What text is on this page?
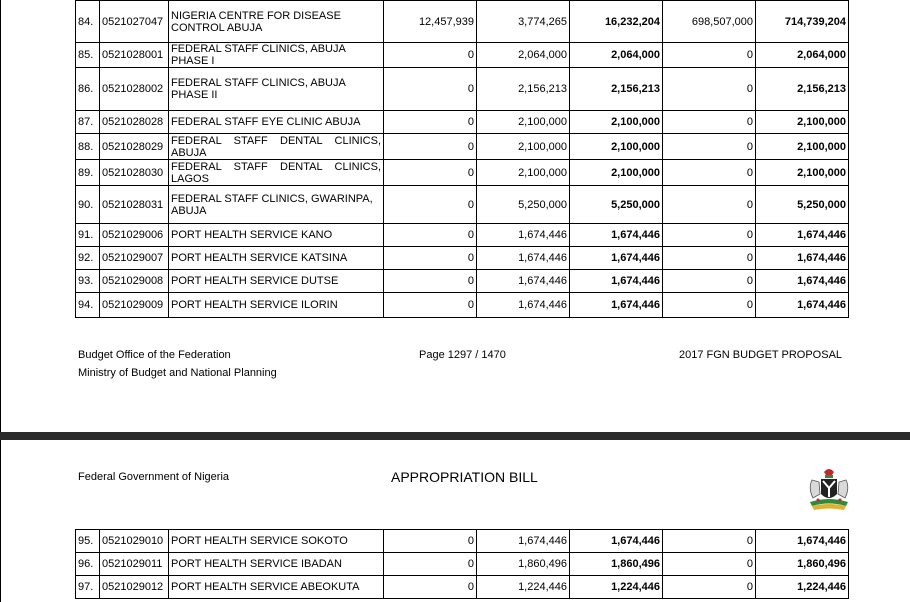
84.	0521027047	NIGERIA CENTRE FOR DISEASE CONTROL ABUJA	12,457,939	3,774,265	16,232,204	698,507,000	714,739,204
85.	0521028001	FEDERAL STAFF CLINICS, ABUJA PHASE I	0	2,064,000	2,064,000	0	2,064,000
86.	0521028002	FEDERAL STAFF CLINICS, ABUJA PHASE II	0	2,156,213	2,156,213	0	2,156,213
87.	0521028028	FEDERAL STAFF EYE CLINIC ABUJA	0	2,100,000	2,100,000	0	2,100,000
88.	0521028029	FEDERAL STAFF DENTAL CLINICS, ABUJA	0	2,100,000	2,100,000	0	2,100,000
89.	0521028030	FEDERAL STAFF DENTAL CLINICS, LAGOS	0	2,100,000	2,100,000	0	2,100,000
90.	0521028031	FEDERAL STAFF CLINICS, GWARINPA, ABUJA	0	5,250,000	5,250,000	0	5,250,000
91.	0521029006	PORT HEALTH SERVICE KANO	0	1,674,446	1,674,446	0	1,674,446
92.	0521029007	PORT HEALTH SERVICE KATSINA	0	1,674,446	1,674,446	0	1,674,446
93.	0521029008	PORT HEALTH SERVICE DUTSE	0	1,674,446	1,674,446	0	1,674,446
94.	0521029009	PORT HEALTH SERVICE ILORIN	0	1,674,446	1,674,446	0	1,674,446
Budget Office of the Federation
Ministry of Budget and National Planning
Page 1297 / 1470	2017 FGN BUDGET PROPOSAL
Federal Government of Nigeria	APPROPRIATION BILL
95.	0521029010	PORT HEALTH SERVICE SOKOTO	0	1,674,446	1,674,446	0	1,674,446
96.	0521029011	PORT HEALTH SERVICE IBADAN	0	1,860,496	1,860,496	0	1,860,496
97.	0521029012	PORT HEALTH SERVICE ABEOKUTA	0	1,224,446	1,224,446	0	1,224,446
